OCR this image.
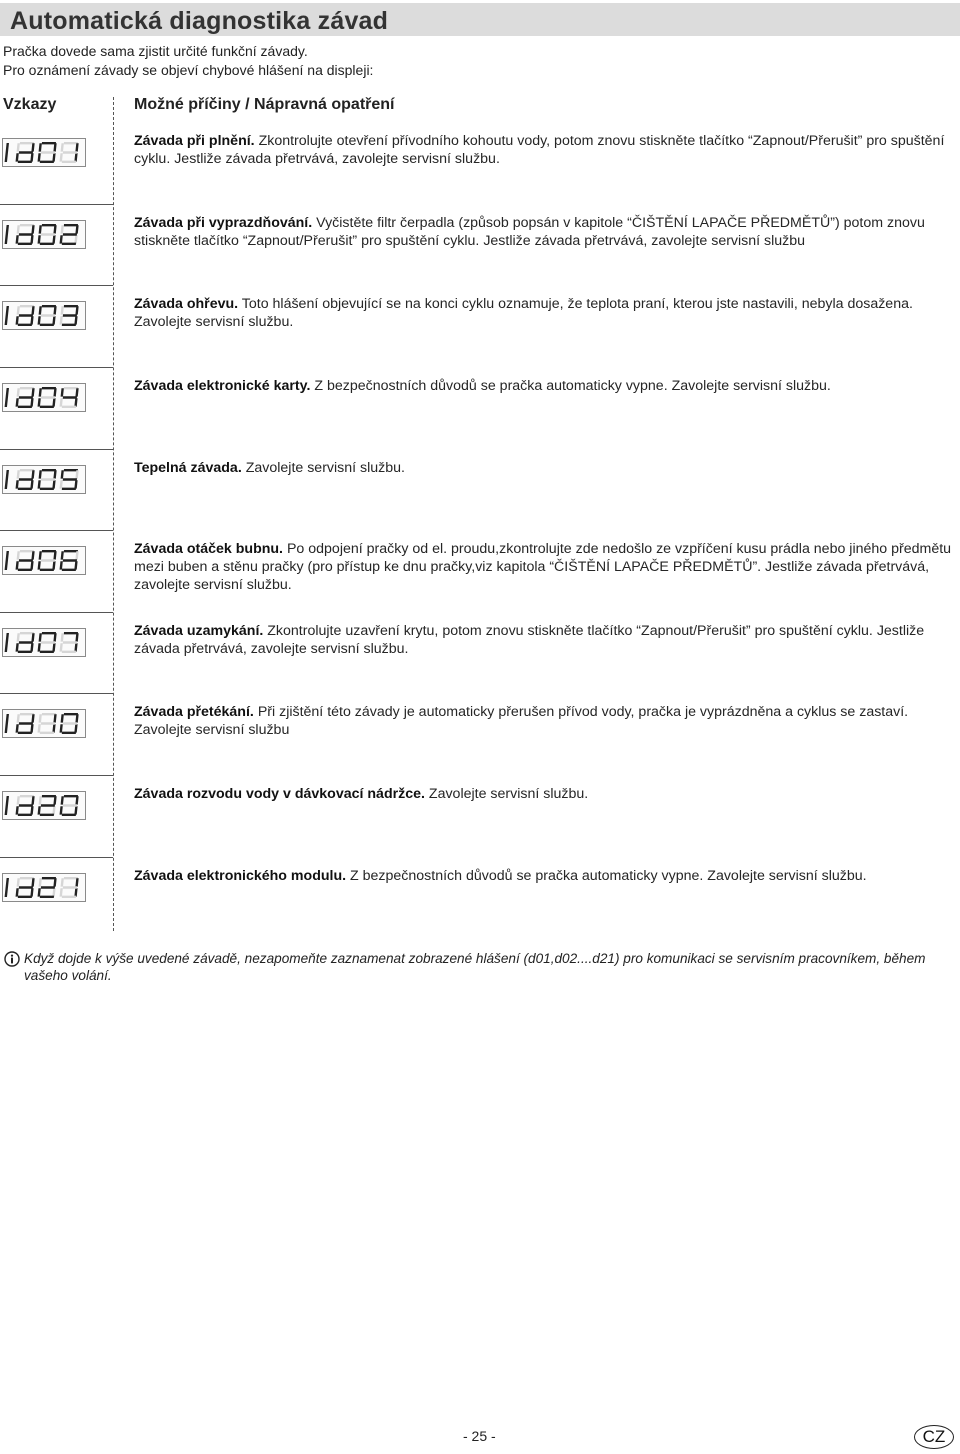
Automatická diagnostika závad
Pračka dovede sama zjistit určité funkční závady.
Pro oznámení závady se objeví chybové hlášení na displeji:
Vzkazy	Možné příčiny / Nápravná opatření
Závada při plnění. Zkontrolujte otevření přívodního kohoutu vody, potom znovu stiskněte tlačítko “Zapnout/Přerušit” pro spuštění cyklu. Jestliže závada přetrvává, zavolejte servisní službu.
Závada při vyprazdňování. Vyčistěte filtr čerpadla (způsob popsán v kapitole “ČIŠTĚNÍ LAPAČE PŘEDMĚTŮ”) potom znovu stiskněte tlačítko “Zapnout/Přerušit” pro spuštění cyklu. Jestliže závada přetrvává, zavolejte servisní službu
Závada ohřevu. Toto hlášení objevující se na konci cyklu oznamuje, že teplota praní, kterou jste nastavili, nebyla dosažena. Zavolejte servisní službu.
Závada elektronické karty. Z bezpečnostních důvodů se pračka automaticky vypne. Zavolejte servisní službu.
Tepelná závada. Zavolejte servisní službu.
Závada otáček bubnu. Po odpojení pračky od el. proudu,zkontrolujte zde nedošlo ze vzpříčení kusu prádla nebo jiného předmětu mezi buben a stěnu pračky (pro přístup ke dnu pračky,viz kapitola “ČIŠTĚNÍ LAPAČE PŘEDMĚTŮ”. Jestliže závada přetrvává, zavolejte servisní službu.
Závada uzamykání. Zkontrolujte uzavření krytu, potom znovu stiskněte tlačítko “Zapnout/Přerušit” pro spuštění cyklu. Jestliže závada přetrvává, zavolejte servisní službu.
Závada přetékání. Při zjištění této závady je automaticky přerušen přívod vody, pračka je vyprázdněna a cyklus se zastaví. Zavolejte servisní službu
Závada rozvodu vody v dávkovací nádržce. Zavolejte servisní službu.
Závada elektronického modulu. Z bezpečnostních důvodů se pračka automaticky vypne. Zavolejte servisní službu.
Když dojde k výše uvedené závadě, nezapomeňte zaznamenat zobrazené hlášení (d01,d02....d21) pro komunikaci se servisním pracovníkem, během vašeho volání.
- 25 -	CZ
